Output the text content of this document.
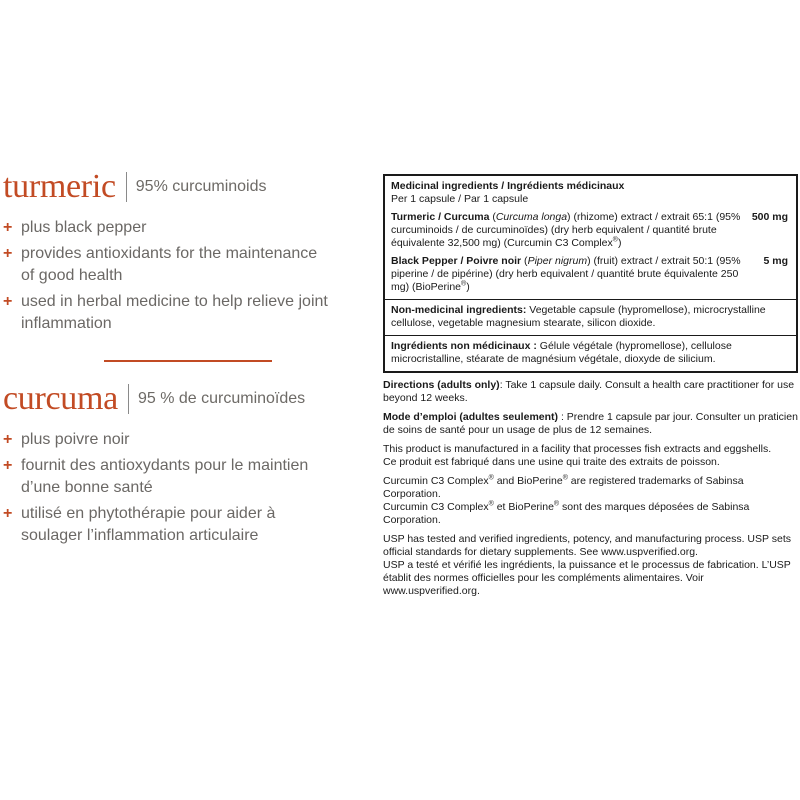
turmeric 95% curcuminoids
+ plus black pepper
+ provides antioxidants for the maintenance of good health
+ used in herbal medicine to help relieve joint inflammation
curcuma 95 % de curcuminoïdes
+ plus poivre noir
+ fournit des antioxydants pour le maintien d’une bonne santé
+ utilisé en phytothérapie pour aider à soulager l’inflammation articulaire
Medicinal ingredients / Ingrédients médicinaux
Per 1 capsule / Par 1 capsule
Turmeric / Curcuma (Curcuma longa) (rhizome) extract / extrait 65:1 (95% curcuminoids / de curcuminoïdes) (dry herb equivalent / quantité brute équivalente 32,500 mg) (Curcumin C3 Complex®)
500 mg
Black Pepper / Poivre noir (Piper nigrum) (fruit) extract / extrait 50:1 (95% piperine / de pipérine) (dry herb equivalent / quantité brute équivalente 250 mg) (BioPerine®)
5 mg
Non-medicinal ingredients: Vegetable capsule (hypromellose), microcrystalline cellulose, vegetable magnesium stearate, silicon dioxide.
Ingrédients non médicinaux : Gélule végétale (hypromellose), cellulose microcristalline, stéarate de magnésium végétale, dioxyde de silicium.
Directions (adults only): Take 1 capsule daily. Consult a health care practitioner for use beyond 12 weeks.
Mode d’emploi (adultes seulement) : Prendre 1 capsule par jour. Consulter un praticien de soins de santé pour un usage de plus de 12 semaines.

This product is manufactured in a facility that processes fish extracts and eggshells.

Ce produit est fabriqué dans une usine qui traite des extraits de poisson.

Curcumin C3 Complex® and BioPerine® are registered trademarks of Sabinsa Corporation.

Curcumin C3 Complex® et BioPerine® sont des marques déposées de Sabinsa Corporation.

USP has tested and verified ingredients, potency, and manufacturing process. USP sets official standards for dietary supplements. See www.uspverified.org.

USP a testé et vérifié les ingrédients, la puissance et le processus de fabrication. L’USP établit des normes officielles pour les compléments alimentaires. Voir www.uspverified.org.
